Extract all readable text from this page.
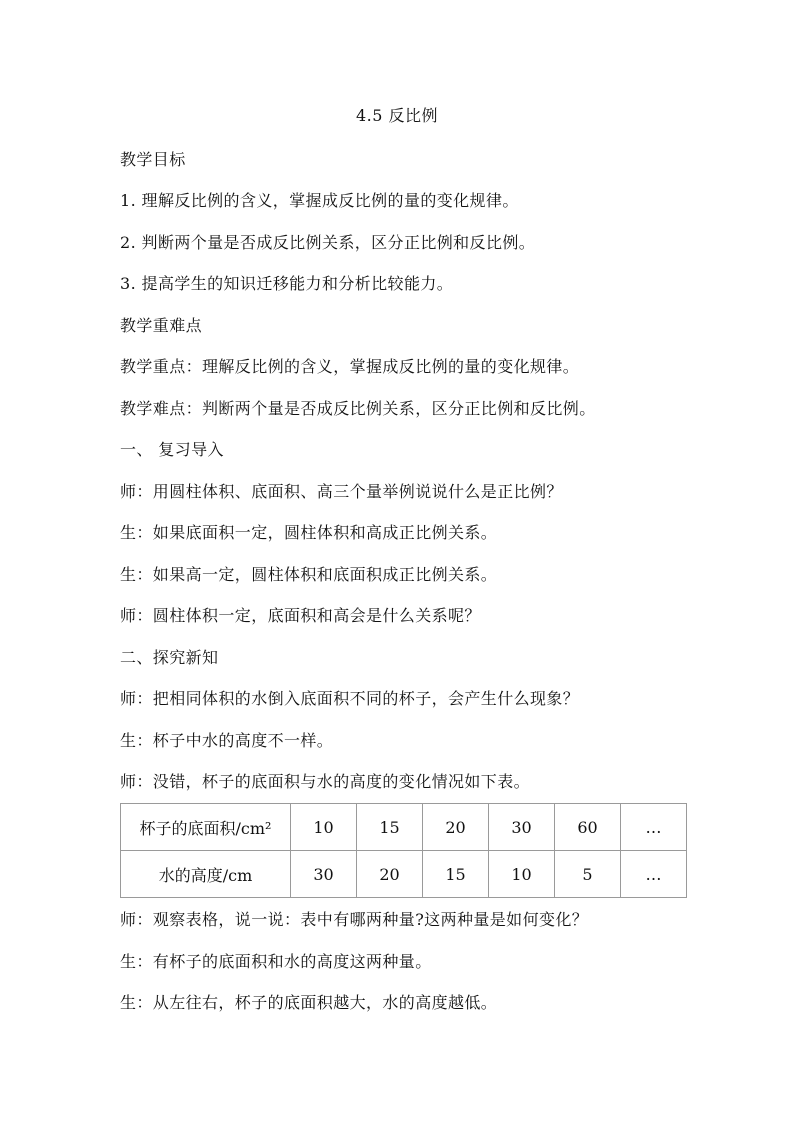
4.5 反比例
教学目标
1. 理解反比例的含义，掌握成反比例的量的变化规律。
2. 判断两个量是否成反比例关系，区分正比例和反比例。
3. 提高学生的知识迁移能力和分析比较能力。
教学重难点
教学重点：理解反比例的含义，掌握成反比例的量的变化规律。
教学难点：判断两个量是否成反比例关系，区分正比例和反比例。
一、 复习导入
师：用圆柱体积、底面积、高三个量举例说说什么是正比例？
生：如果底面积一定，圆柱体积和高成正比例关系。
生：如果高一定，圆柱体积和底面积成正比例关系。
师：圆柱体积一定，底面积和高会是什么关系呢？
二、探究新知
师：把相同体积的水倒入底面积不同的杯子，会产生什么现象？
生：杯子中水的高度不一样。
师：没错，杯子的底面积与水的高度的变化情况如下表。
杯子的底面积/cm²	10	15	20	30	60	…
水的高度/cm	30	20	15	10	5	…
师：观察表格，说一说：表中有哪两种量?这两种量是如何变化？
生：有杯子的底面积和水的高度这两种量。
生：从左往右，杯子的底面积越大，水的高度越低。
